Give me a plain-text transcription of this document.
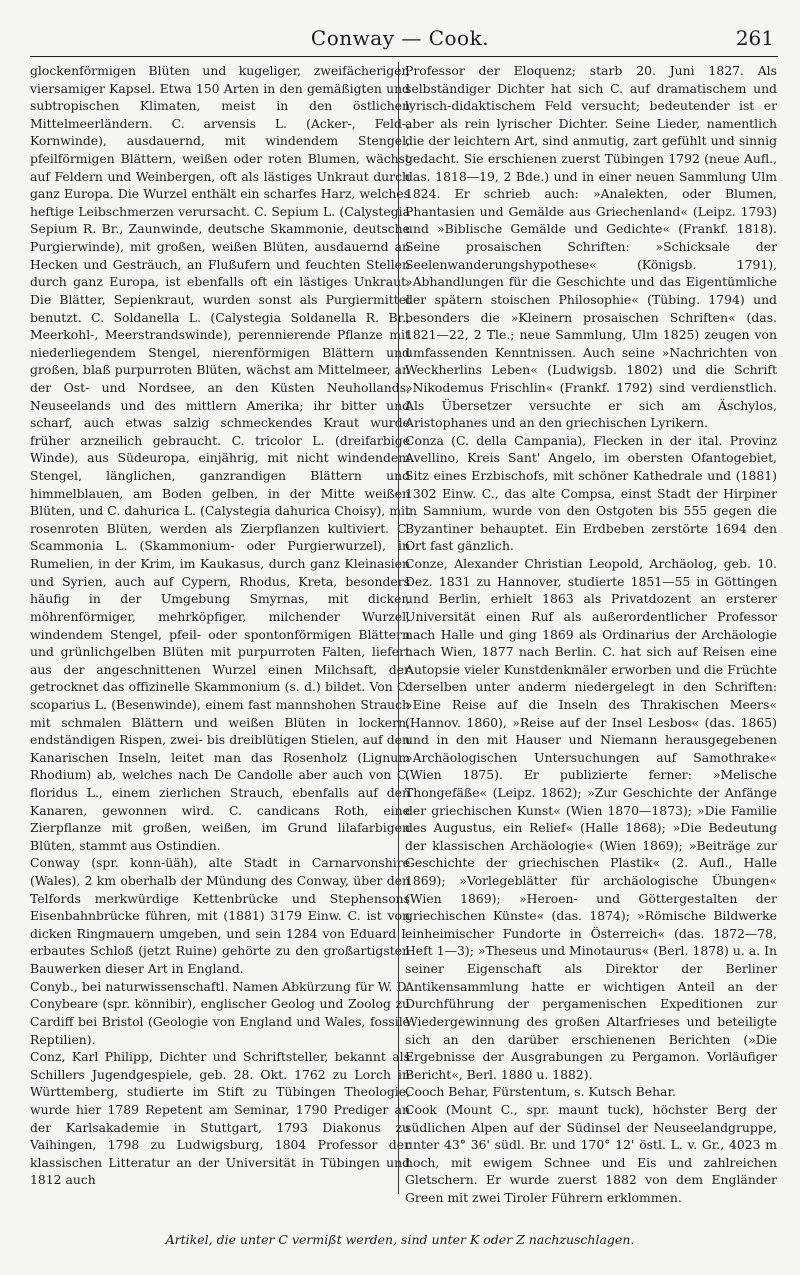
Conway — Cook.	261

glockenförmigen Blüten und kugeliger, zweifächeriger, viersamiger Kapsel. Etwa 150 Arten in den gemäßigten und subtropischen Klimaten, meist in den östlichen Mittelmeerländern. C. arvensis L. (Acker-, Feld-, Kornwinde), ausdauernd, mit windendem Stengel, pfeilförmigen Blättern, weißen oder roten Blumen, wächst auf Feldern und Weinbergen, oft als lästiges Unkraut durch ganz Europa. Die Wurzel enthält ein scharfes Harz, welches heftige Leibschmerzen verursacht. C. Sepium L. (Calystegia Sepium R. Br., Zaunwinde, deutsche Skammonie, deutsche Purgierwinde), mit großen, weißen Blüten, ausdauernd an Hecken und Gesträuch, an Flußufern und feuchten Stellen durch ganz Europa, ist ebenfalls oft ein lästiges Unkraut. Die Blätter, Sepienkraut, wurden sonst als Purgiermittel benutzt. C. Soldanella L. (Calystegia Soldanella R. Br., Meerkohl-, Meerstrandswinde), perennierende Pflanze mit niederliegendem Stengel, nierenförmigen Blättern und großen, blaß purpurroten Blüten, wächst am Mittelmeer, an der Ost- und Nordsee, an den Küsten Neuhollands, Neuseelands und des mittlern Amerika; ihr bitter und scharf, auch etwas salzig schmeckendes Kraut wurde früher arzneilich gebraucht. C. tricolor L. (dreifarbige Winde), aus Südeuropa, einjährig, mit nicht windendem Stengel, länglichen, ganzrandigen Blättern und himmelblauen, am Boden gelben, in der Mitte weißen Blüten, und C. dahurica L. (Calystegia dahurica Choisy), mit rosenroten Blüten, werden als Zierpflanzen kultiviert. C. Scammonia L. (Skammonium- oder Purgierwurzel), in Rumelien, in der Krim, im Kaukasus, durch ganz Kleinasien und Syrien, auch auf Cypern, Rhodus, Kreta, besonders häufig in der Umgebung Smyrnas, mit dicker, möhrenförmiger, mehrköpfiger, milchender Wurzel, windendem Stengel, pfeil- oder spontonförmigen Blättern und grünlichgelben Blüten mit purpurroten Falten, liefert aus der angeschnittenen Wurzel einen Milchsaft, der getrocknet das offizinelle Skammonium (s. d.) bildet. Von C. scoparius L. (Besenwinde), einem fast mannshohen Strauch mit schmalen Blättern und weißen Blüten in lockern, endständigen Rispen, zwei- bis dreiblütigen Stielen, auf den Kanarischen Inseln, leitet man das Rosenholz (Lignum Rhodium) ab, welches nach De Candolle aber auch von C. floridus L., einem zierlichen Strauch, ebenfalls auf den Kanaren, gewonnen wird. C. candicans Roth, eine Zierpflanze mit großen, weißen, im Grund lilafarbigen Blüten, stammt aus Ostindien.

Conway (spr. konn-üäh), alte Stadt in Carnarvonshire (Wales), 2 km oberhalb der Mündung des Conway, über den Telfords merkwürdige Kettenbrücke und Stephensons Eisenbahnbrücke führen, mit (1881) 3179 Einw. C. ist von dicken Ringmauern umgeben, und sein 1284 von Eduard I. erbautes Schloß (jetzt Ruine) gehörte zu den großartigsten Bauwerken dieser Art in England.

Conyb., bei naturwissenschaftl. Namen Abkürzung für W. D. Conybeare (spr. könnibir), englischer Geolog und Zoolog zu Cardiff bei Bristol (Geologie von England und Wales, fossile Reptilien).

Conz, Karl Philipp, Dichter und Schriftsteller, bekannt als Schillers Jugendgespiele, geb. 28. Okt. 1762 zu Lorch in Württemberg, studierte im Stift zu Tübingen Theologie, wurde hier 1789 Repetent am Seminar, 1790 Prediger an der Karlsakademie in Stuttgart, 1793 Diakonus zu Vaihingen, 1798 zu Ludwigsburg, 1804 Professor der klassischen Litteratur an der Universität in Tübingen und 1812 auch

Professor der Eloquenz; starb 20. Juni 1827. Als selbständiger Dichter hat sich C. auf dramatischem und lyrisch-didaktischem Feld versucht; bedeutender ist er aber als rein lyrischer Dichter. Seine Lieder, namentlich die der leichtern Art, sind anmutig, zart gefühlt und sinnig gedacht. Sie erschienen zuerst Tübingen 1792 (neue Aufl., das. 1818—19, 2 Bde.) und in einer neuen Sammlung Ulm 1824. Er schrieb auch: »Analekten, oder Blumen, Phantasien und Gemälde aus Griechenland« (Leipz. 1793) und »Biblische Gemälde und Gedichte« (Frankf. 1818). Seine prosaischen Schriften: »Schicksale der Seelenwanderungshypothese« (Königsb. 1791), »Abhandlungen für die Geschichte und das Eigentümliche der spätern stoischen Philosophie« (Tübing. 1794) und besonders die »Kleinern prosaischen Schriften« (das. 1821—22, 2 Tle.; neue Sammlung, Ulm 1825) zeugen von umfassenden Kenntnissen. Auch seine »Nachrichten von Weckherlins Leben« (Ludwigsb. 1802) und die Schrift »Nikodemus Frischlin« (Frankf. 1792) sind verdienstlich. Als Übersetzer versuchte er sich am Äschylos, Aristophanes und an den griechischen Lyrikern.

Conza (C. della Campania), Flecken in der ital. Provinz Avellino, Kreis Sant' Angelo, im obersten Ofantogebiet, Sitz eines Erzbischofs, mit schöner Kathedrale und (1881) 1302 Einw. C., das alte Compsa, einst Stadt der Hirpiner in Samnium, wurde von den Ostgoten bis 555 gegen die Byzantiner behauptet. Ein Erdbeben zerstörte 1694 den Ort fast gänzlich.

Conze, Alexander Christian Leopold, Archäolog, geb. 10. Dez. 1831 zu Hannover, studierte 1851—55 in Göttingen und Berlin, erhielt 1863 als Privatdozent an ersterer Universität einen Ruf als außerordentlicher Professor nach Halle und ging 1869 als Ordinarius der Archäologie nach Wien, 1877 nach Berlin. C. hat sich auf Reisen eine Autopsie vieler Kunstdenkmäler erworben und die Früchte derselben unter anderm niedergelegt in den Schriften: »Eine Reise auf die Inseln des Thrakischen Meers« (Hannov. 1860), »Reise auf der Insel Lesbos« (das. 1865) und in den mit Hauser und Niemann herausgegebenen »Archäologischen Untersuchungen auf Samothrake« (Wien 1875). Er publizierte ferner: »Melische Thongefäße« (Leipz. 1862); »Zur Geschichte der Anfänge der griechischen Kunst« (Wien 1870—1873); »Die Familie des Augustus, ein Relief« (Halle 1868); »Die Bedeutung der klassischen Archäologie« (Wien 1869); »Beiträge zur Geschichte der griechischen Plastik« (2. Aufl., Halle 1869); »Vorlegeblätter für archäologische Übungen« (Wien 1869); »Heroen- und Göttergestalten der griechischen Künste« (das. 1874); »Römische Bildwerke einheimischer Fundorte in Österreich« (das. 1872—78, Heft 1—3); »Theseus und Minotaurus« (Berl. 1878) u. a. In seiner Eigenschaft als Direktor der Berliner Antikensammlung hatte er wichtigen Anteil an der Durchführung der pergamenischen Expeditionen zur Wiedergewinnung des großen Altarfrieses und beteiligte sich an den darüber erschienenen Berichten (»Die Ergebnisse der Ausgrabungen zu Pergamon. Vorläufiger Bericht«, Berl. 1880 u. 1882).

Cooch Behar, Fürstentum, s. Kutsch Behar.

Cook (Mount C., spr. maunt tuck), höchster Berg der südlichen Alpen auf der Südinsel der Neuseelandgruppe, unter 43° 36' südl. Br. und 170° 12' östl. L. v. Gr., 4023 m hoch, mit ewigem Schnee und Eis und zahlreichen Gletschern. Er wurde zuerst 1882 von dem Engländer Green mit zwei Tiroler Führern erklommen.

Artikel, die unter C vermißt werden, sind unter K oder Z nachzuschlagen.
